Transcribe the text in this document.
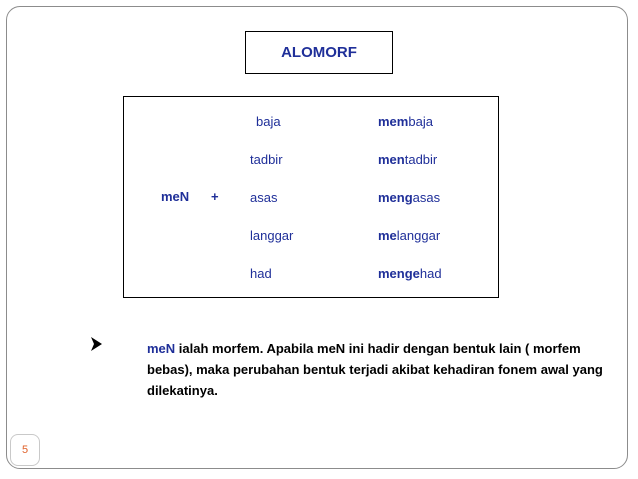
ALOMORF
meN +
baja	membaja
tadbir	mentadbir
asas	mengasas
langgar	melanggar
had	mengehad
meN ialah morfem. Apabila meN ini hadir dengan bentuk lain ( morfem bebas), maka perubahan bentuk terjadi akibat kehadiran fonem awal yang dilekatinya.
5
